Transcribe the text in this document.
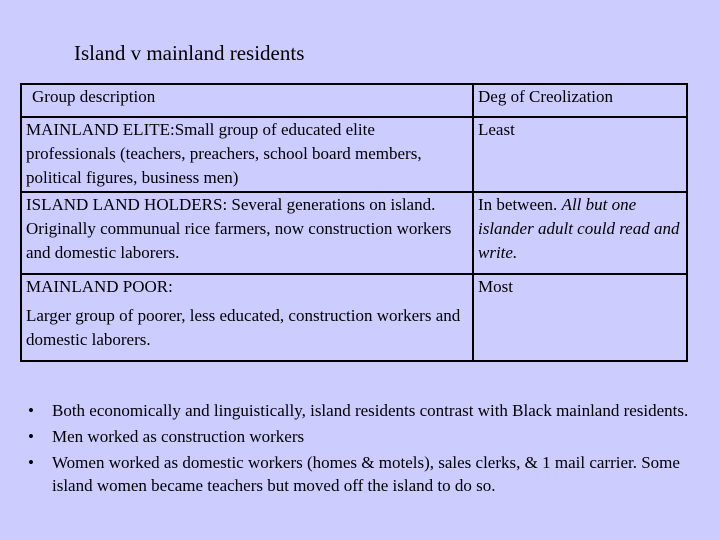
Island v mainland residents
Group description	Deg of Creolization
MAINLAND ELITE:Small group of educated elite professionals (teachers, preachers, school board members, political figures, business men)	Least
ISLAND LAND HOLDERS: Several generations on island. Originally communual rice farmers, now construction workers and domestic laborers.	In between. All but one islander adult could read and write.

MAINLAND POOR:
Larger group of poorer, less educated, construction workers and domestic laborers.	Most
• Both economically and linguistically, island residents contrast with Black mainland residents.
• Men worked as construction workers
• Women worked as domestic workers (homes & motels), sales clerks, & 1 mail carrier. Some island women became teachers but moved off the island to do so.
